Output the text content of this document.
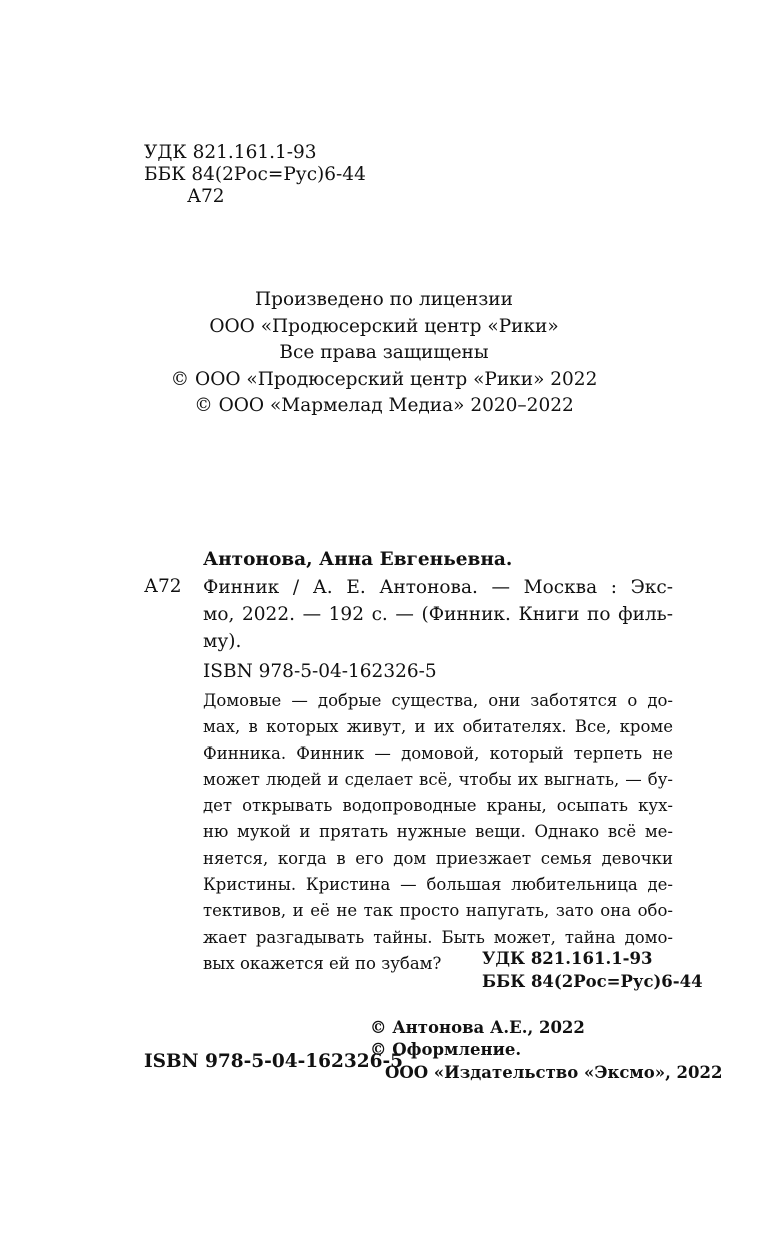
УДК 821.161.1-93
ББК 84(2Рос=Рус)6-44
А72
Произведено по лицензии
ООО «Продюсерский центр «Рики»
Все права защищены
© ООО «Продюсерский центр «Рики» 2022
© ООО «Мармелад Медиа» 2020–2022
Антонова, Анна Евгеньевна.
А72 Финник / А. Е. Антонова. — Москва : Экс-
мо, 2022. — 192 с. — (Финник. Книги по филь-
му).
ISBN 978-5-04-162326-5
Домовые — добрые существа, они заботятся о до-
мах, в которых живут, и их обитателях. Все, кроме
Финника. Финник — домовой, который терпеть не
может людей и сделает всё, чтобы их выгнать, — бу-
дет открывать водопроводные краны, осыпать кух-
ню мукой и прятать нужные вещи. Однако всё ме-
няется, когда в его дом приезжает семья девочки
Кристины. Кристина — большая любительница де-
тективов, и её не так просто напугать, зато она обо-
жает разгадывать тайны. Быть может, тайна домо-
вых окажется ей по зубам?	УДК 821.161.1-93
ББК 84(2Рос=Рус)6-44
© Антонова А.Е., 2022
© Оформление.
ISBN 978-5-04-162326-5
ООО «Издательство «Эксмо», 2022
